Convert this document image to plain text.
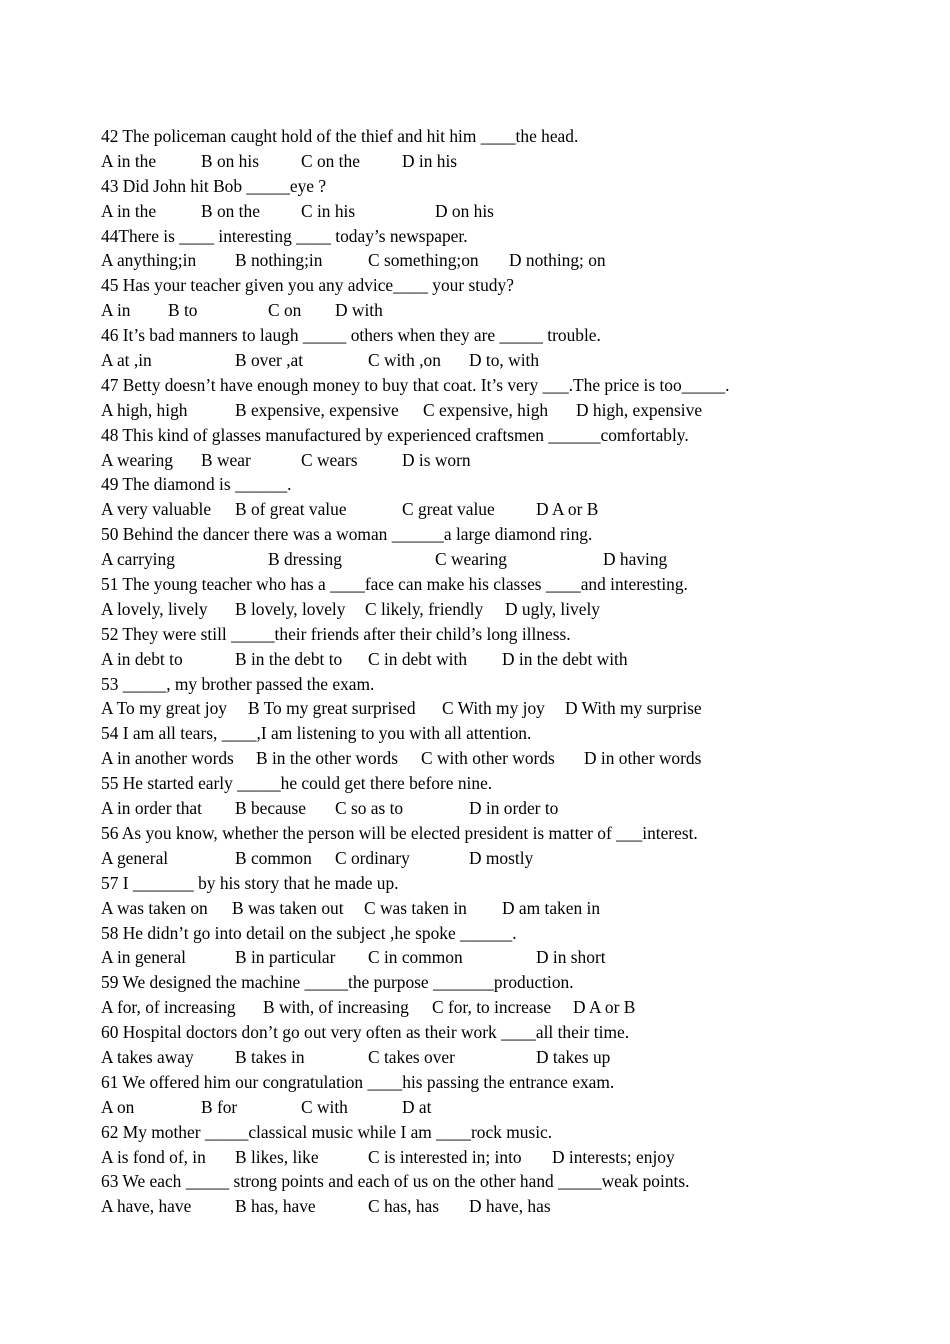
42 The policeman caught hold of the thief and hit him ____the head.

A in the

	B on his

C on the

D in his

43 Did John hit Bob _____eye ?

A in the

	B on the

C in his

	D on his

44There is ____ interesting ____ today’s newspaper.

A anything;in

B nothing;in

	C something;on

D nothing; on

45 Has your teacher given you any advice____ your study?

A in

B to

	C on

D with

46 It’s bad manners to laugh _____ others when they are _____ trouble.

A at ,in

	B over ,at

	C with ,on

D to, with

47 Betty doesn’t have enough money to buy that coat. It’s very ___.The price is too_____.

A high, high

	B expensive, expensive

C expensive, high

D high, expensive

48 This kind of glasses manufactured by experienced craftsmen ______comfortably.

A wearing

B wear

	C wears

	D is worn

49 The diamond is ______.

A very valuable

B of great value

	C great value

D A or B

50 Behind the dancer there was a woman ______a large diamond ring.

A carrying

	B dressing

	C wearing

	D having

51 The young teacher who has a ____face can make his classes ____and interesting.

A lovely, lively

B lovely, lovely

C likely, friendly

D ugly, lively

52 They were still _____their friends after their child’s long illness.

A in debt to

	B in the debt to

C in debt with

D in the debt with

53 _____, my brother passed the exam.

A To my great joy

B To my great surprised

C With my joy

D With my surprise

54 I am all tears, ____,I am listening to you with all attention.

A in another words

B in the other words

C with other words

D in other words

55 He started early _____he could get there before nine.

A in order that

B because

C so as to

	D in order to

56 As you know, whether the person will be elected president is matter of ___interest.

A general

	B common

C ordinary

	D mostly

57 I _______ by his story that he made up.

A was taken on

B was taken out

C was taken in

D am taken in

58 He didn’t go into detail on the subject ,he spoke ______.

A in general

	B in particular

C in common

	D in short

59 We designed the machine _____the purpose _______production.

A for, of increasing

B with, of increasing

C for, to increase

D A or B

60 Hospital doctors don’t go out very often as their work ____all their time.

A takes away

B takes in

	C takes over

	D takes up

61 We offered him our congratulation ____his passing the entrance exam.

A on

	B for

	C with

	D at

62 My mother _____classical music while I am ____rock music.

A is fond of, in

B likes, like

	C is interested in; into

D interests; enjoy

63 We each _____ strong points and each of us on the other hand _____weak points.

A have, have

	B has, have

	C has, has

D have, has
